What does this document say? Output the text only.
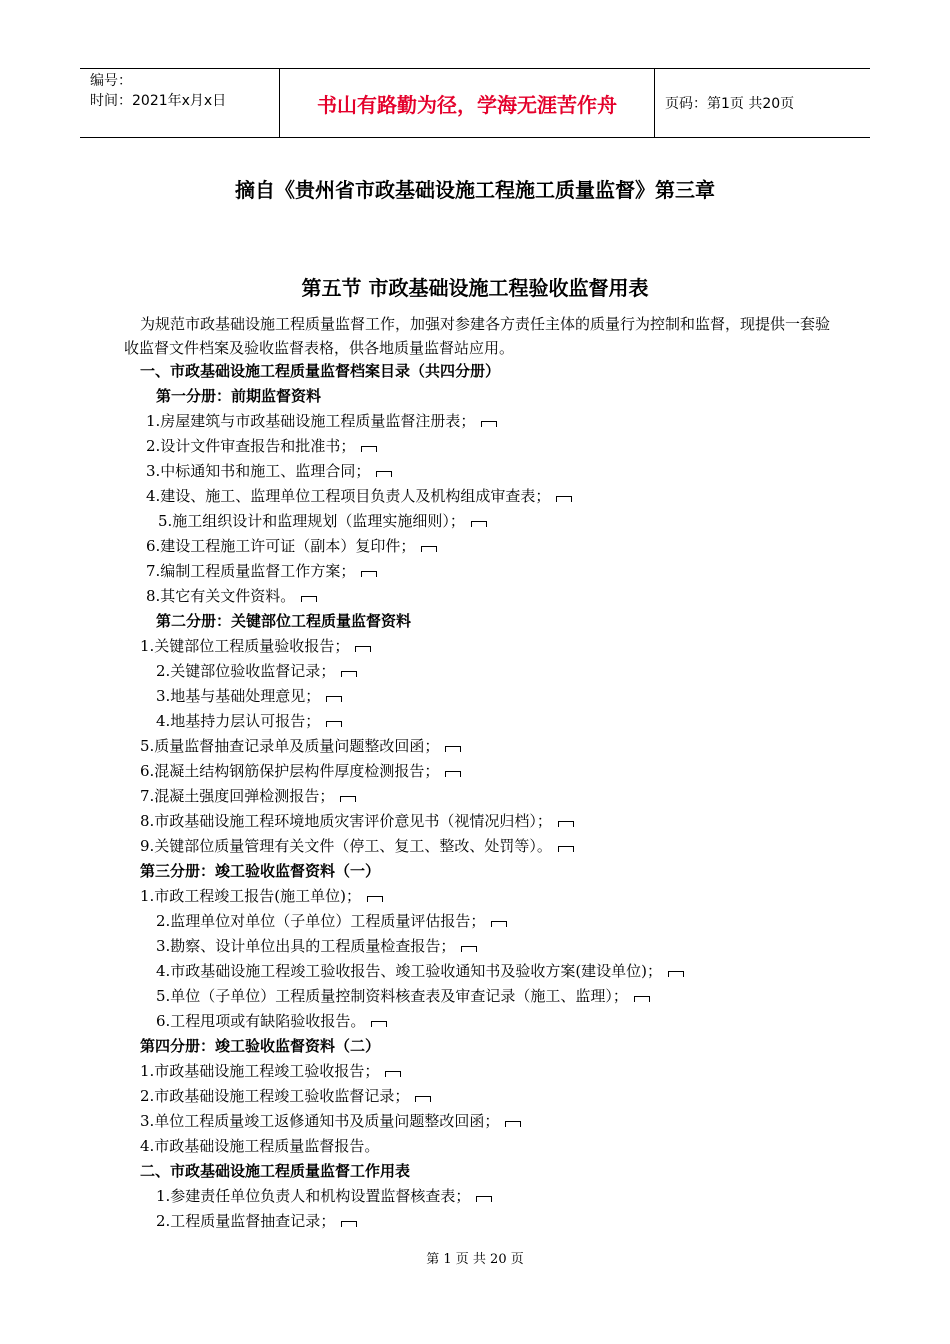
编号：
时间：2021年x月x日	书山有路勤为径，学海无涯苦作舟	页码：第1页 共20页
摘自《贵州省市政基础设施工程施工质量监督》第三章
第五节 市政基础设施工程验收监督用表
为规范市政基础设施工程质量监督工作，加强对参建各方责任主体的质量行为控制和监督，现提供一套验收监督文件档案及验收监督表格，供各地质量监督站应用。
一、市政基础设施工程质量监督档案目录（共四分册）
第一分册：前期监督资料
1.房屋建筑与市政基础设施工程质量监督注册表；
2.设计文件审查报告和批准书；
3.中标通知书和施工、监理合同；
4.建设、施工、监理单位工程项目负责人及机构组成审查表；
5.施工组织设计和监理规划（监理实施细则）；
6.建设工程施工许可证（副本）复印件；
7.编制工程质量监督工作方案；
8.其它有关文件资料。
第二分册：关键部位工程质量监督资料
1.关键部位工程质量验收报告；
2.关键部位验收监督记录；
3.地基与基础处理意见；
4.地基持力层认可报告；
5.质量监督抽查记录单及质量问题整改回函；
6.混凝土结构钢筋保护层构件厚度检测报告；
7.混凝土强度回弹检测报告；
8.市政基础设施工程环境地质灾害评价意见书（视情况归档）；
9.关键部位质量管理有关文件（停工、复工、整改、处罚等）。
第三分册：竣工验收监督资料（一）
1.市政工程竣工报告(施工单位)；
2.监理单位对单位（子单位）工程质量评估报告；
3.勘察、设计单位出具的工程质量检查报告；
4.市政基础设施工程竣工验收报告、竣工验收通知书及验收方案(建设单位)；
5.单位（子单位）工程质量控制资料核查表及审查记录（施工、监理）；
6.工程甩项或有缺陷验收报告。
第四分册：竣工验收监督资料（二）
1.市政基础设施工程竣工验收报告；
2.市政基础设施工程竣工验收监督记录；
3.单位工程质量竣工返修通知书及质量问题整改回函；
4.市政基础设施工程质量监督报告。
二、市政基础设施工程质量监督工作用表
1.参建责任单位负责人和机构设置监督核查表；
2.工程质量监督抽查记录；
第 1 页 共 20 页
